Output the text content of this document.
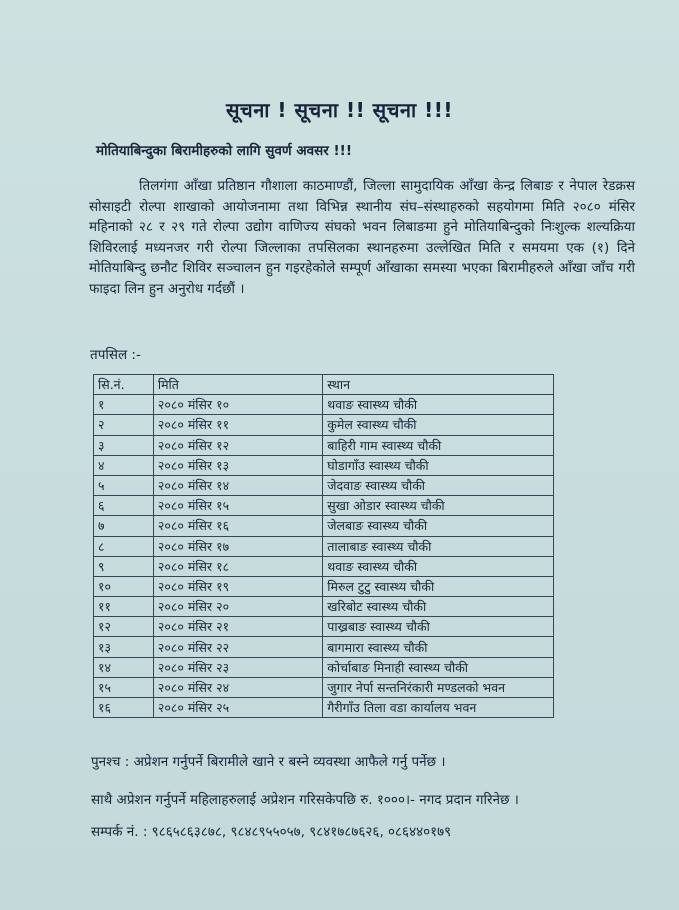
सूचना ! सूचना !! सूचना !!!
मोतियाबिन्दुका बिरामीहरुको लागि सुवर्ण अवसर !!!
तिलगंगा आँखा प्रतिष्ठान गौशाला काठमाण्डौं, जिल्ला सामुदायिक आँखा केन्द्र लिबाङ र नेपाल रेडक्रस सोसाइटी रोल्पा शाखाको आयोजनामा तथा विभिन्न स्थानीय संघ–संस्थाहरुको सहयोगमा मिति २०८० मंसिर महिनाको २८ र २९ गते रोल्पा उद्योग वाणिज्य संघको भवन लिबाङमा हुने मोतियाबिन्दुको निःशुल्क शल्यक्रिया शिविरलाई मध्यनजर गरी रोल्पा जिल्लाका तपसिलका स्थानहरुमा उल्लेखित मिति र समयमा एक (१) दिने मोतियाबिन्दु छनौट शिविर सञ्चालन हुन गइरहेकोले सम्पूर्ण आँखाका समस्या भएका बिरामीहरुले आँखा जाँच गरी फाइदा लिन हुन अनुरोध गर्दछौं ।
तपसिल :-
सि.नं.	मिति	स्थान
१	२०८० मंसिर १०	थवाङ स्वास्थ्य चौकी
२	२०८० मंसिर ११	कुमेल स्वास्थ्य चौकी
३	२०८० मंसिर १२	बाहिरी गाम स्वास्थ्य चौकी
४	२०८० मंसिर १३	घोडागाँउ स्वास्थ्य चौकी
५	२०८० मंसिर १४	जेदवाङ स्वास्थ्य चौकी
६	२०८० मंसिर १५	सुखा ओडार स्वास्थ्य चौकी
७	२०८० मंसिर १६	जेलबाङ स्वास्थ्य चौकी
८	२०८० मंसिर १७	तालाबाङ स्वास्थ्य चौकी
९	२०८० मंसिर १८	थवाङ स्वास्थ्य चौकी
१०	२०८० मंसिर १९	मिरुल टुटु स्वास्थ्य चौकी
११	२०८० मंसिर २०	खरिबोट स्वास्थ्य चौकी
१२	२०८० मंसिर २१	पाख्रबाङ स्वास्थ्य चौकी
१३	२०८० मंसिर २२	बागमारा स्वास्थ्य चौकी
१४	२०८० मंसिर २३	कोर्चाबाङ मिनाही स्वास्थ्य चौकी
१५	२०८० मंसिर २४	जुगार नेर्पा सन्तनिरंकारी मण्डलको भवन
१६	२०८० मंसिर २५	गैरीगाँउ तिला वडा कार्यालय भवन
पुनश्च : अप्रेशन गर्नुपर्ने बिरामीले खाने र बस्ने व्यवस्था आफैले गर्नु पर्नेछ ।
साथै अप्रेशन गर्नुपर्ने महिलाहरुलाई अप्रेशन गरिसकेपछि रु. १०००।- नगद प्रदान गरिनेछ ।
सम्पर्क नं. : ९८६५८६३८७८, ९८४८९५५०५७, ९८४१७८७६२६, ०८६४४०१७९
